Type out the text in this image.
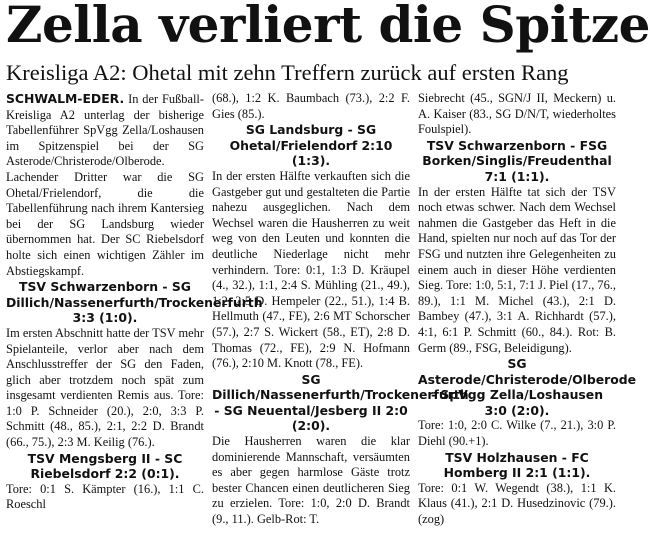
Zella verliert die Spitze
Kreisliga A2: Ohetal mit zehn Treffern zurück auf ersten Rang

SCHWALM-EDER. In der Fußball-Kreisliga A2 unterlag der bisherige Tabellenführer SpVgg Zella/Loshausen im Spitzenspiel bei der SG Asterode/Christerode/Olberode. Lachender Dritter war die SG Ohetal/Frielendorf, die die Tabellenführung nach ihrem Kantersieg bei der SG Landsburg wieder übernommen hat. Der SC Riebelsdorf holte sich einen wichtigen Zähler im Abstiegskampf.

TSV Schwarzenborn - SG Dillich/Nassenerfurth/Trockenerfurth 3:3 (1:0).

Im ersten Abschnitt hatte der TSV mehr Spielanteile, verlor aber nach dem Anschlusstreffer der SG den Faden, glich aber trotzdem noch spät zum insgesamt verdienten Remis aus. Tore: 1:0 P. Schneider (20.), 2:0, 3:3 P. Schmitt (48., 85.), 2:1, 2:2 D. Brandt (66., 75.), 2:3 M. Keilig (76.).

TSV Mengsberg II - SC Riebelsdorf 2:2 (0:1).

Tore: 0:1 S. Kämpter (16.), 1:1 C. Roeschl

(68.), 1:2 K. Baumbach (73.), 2:2 F. Gies (85.).

SG Landsburg - SG Ohetal/Frielendorf 2:10 (1:3).

In der ersten Hälfte verkauften sich die Gastgeber gut und gestalteten die Partie nahezu ausgeglichen. Nach dem Wechsel waren die Hausherren zu weit weg von den Leuten und konnten die deutliche Niederlage nicht mehr verhindern. Tore: 0:1, 1:3 D. Kräupel (4., 32.), 1:1, 2:4 S. Mühling (21., 49.), 1:2, 2:5 D. Hempeler (22., 51.), 1:4 B. Hellmuth (47., FE), 2:6 MT Schorscher (57.), 2:7 S. Wickert (58., ET), 2:8 D. Thomas (72., FE), 2:9 N. Hofmann (76.), 2:10 M. Knott (78., FE).

SG Dillich/Nassenerfurth/Trockenerfurth - SG Neuental/Jesberg II 2:0 (2:0).

Die Hausherren waren die klar dominierende Mannschaft, versäumten es aber gegen harmlose Gäste trotz bester Chancen einen deutlicheren Sieg zu erzielen. Tore: 1:0, 2:0 D. Brandt (9., 11.). Gelb-Rot: T.

Siebrecht (45., SGN/J II, Meckern) u. A. Kaiser (83., SG D/N/T, wiederholtes Foulspiel).

TSV Schwarzenborn - FSG Borken/Singlis/Freudenthal 7:1 (1:1).

In der ersten Hälfte tat sich der TSV noch etwas schwer. Nach dem Wechsel nahmen die Gastgeber das Heft in die Hand, spielten nur noch auf das Tor der FSG und nutzten ihre Gelegenheiten zu einem auch in dieser Höhe verdienten Sieg. Tore: 1:0, 5:1, 7:1 J. Piel (17., 76., 89.), 1:1 M. Michel (43.), 2:1 D. Bambey (47.), 3:1 A. Richhardt (57.), 4:1, 6:1 P. Schmitt (60., 84.). Rot: B. Germ (89., FSG, Beleidigung).

SG Asterode/Christerode/Olberode - SpVgg Zella/Loshausen 3:0 (2:0).

Tore: 1:0, 2:0 C. Wilke (7., 21.), 3:0 P. Diehl (90.+1).

TSV Holzhausen - FC Homberg II 2:1 (1:1).

Tore: 0:1 W. Wegendt (38.), 1:1 K. Klaus (41.), 2:1 D. Husedzinovic (79.). (zog)
